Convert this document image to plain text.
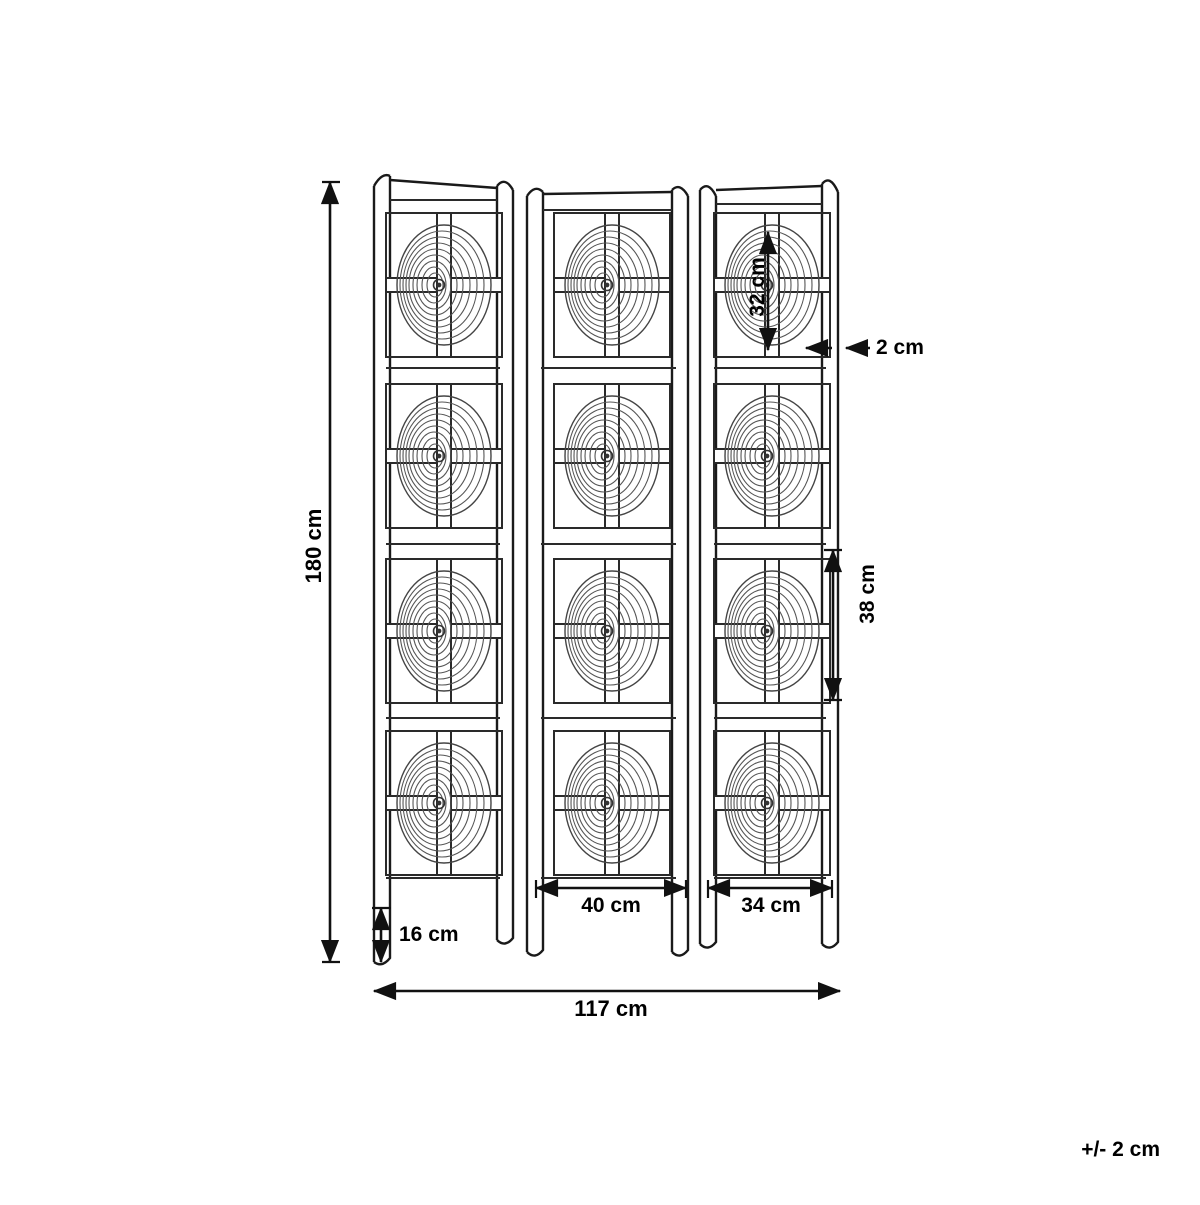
180 cm
117 cm
32 cm
2 cm
38 cm
16 cm
40 cm	34 cm
+/- 2 cm
